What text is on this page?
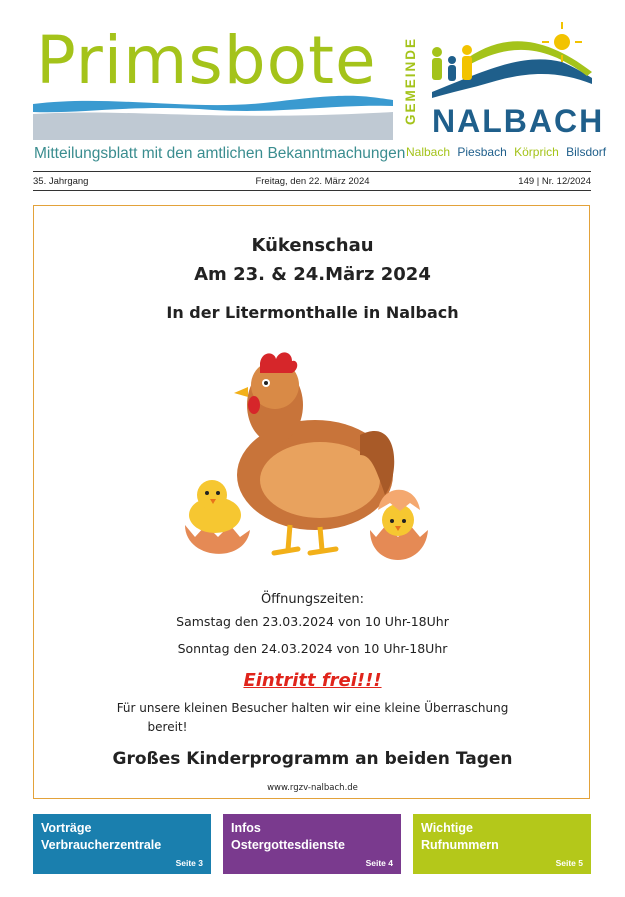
Primsbote
Mitteilungsblatt mit den amtlichen Bekanntmachungen
GEMEINDE NALBACH
Nalbach Piesbach Körprich Bilsdorf
35. Jahrgang	Freitag, den 22. März 2024	149 | Nr. 12/2024
Kükenschau
Am 23. & 24.März 2024
In der Litermonthalle in Nalbach
Öffnungszeiten:
Samstag den 23.03.2024 von 10 Uhr-18Uhr
Sonntag den 24.03.2024 von 10 Uhr-18Uhr
Eintritt frei!!!
Für unsere kleinen Besucher halten wir eine kleine Überraschung
bereit!
Großes Kinderprogramm an beiden Tagen
www.rgzv-nalbach.de
Vorträge
Verbraucherzentrale
Seite 3
Infos
Ostergottesdienste
Seite 4
Wichtige
Rufnummern
Seite 5
